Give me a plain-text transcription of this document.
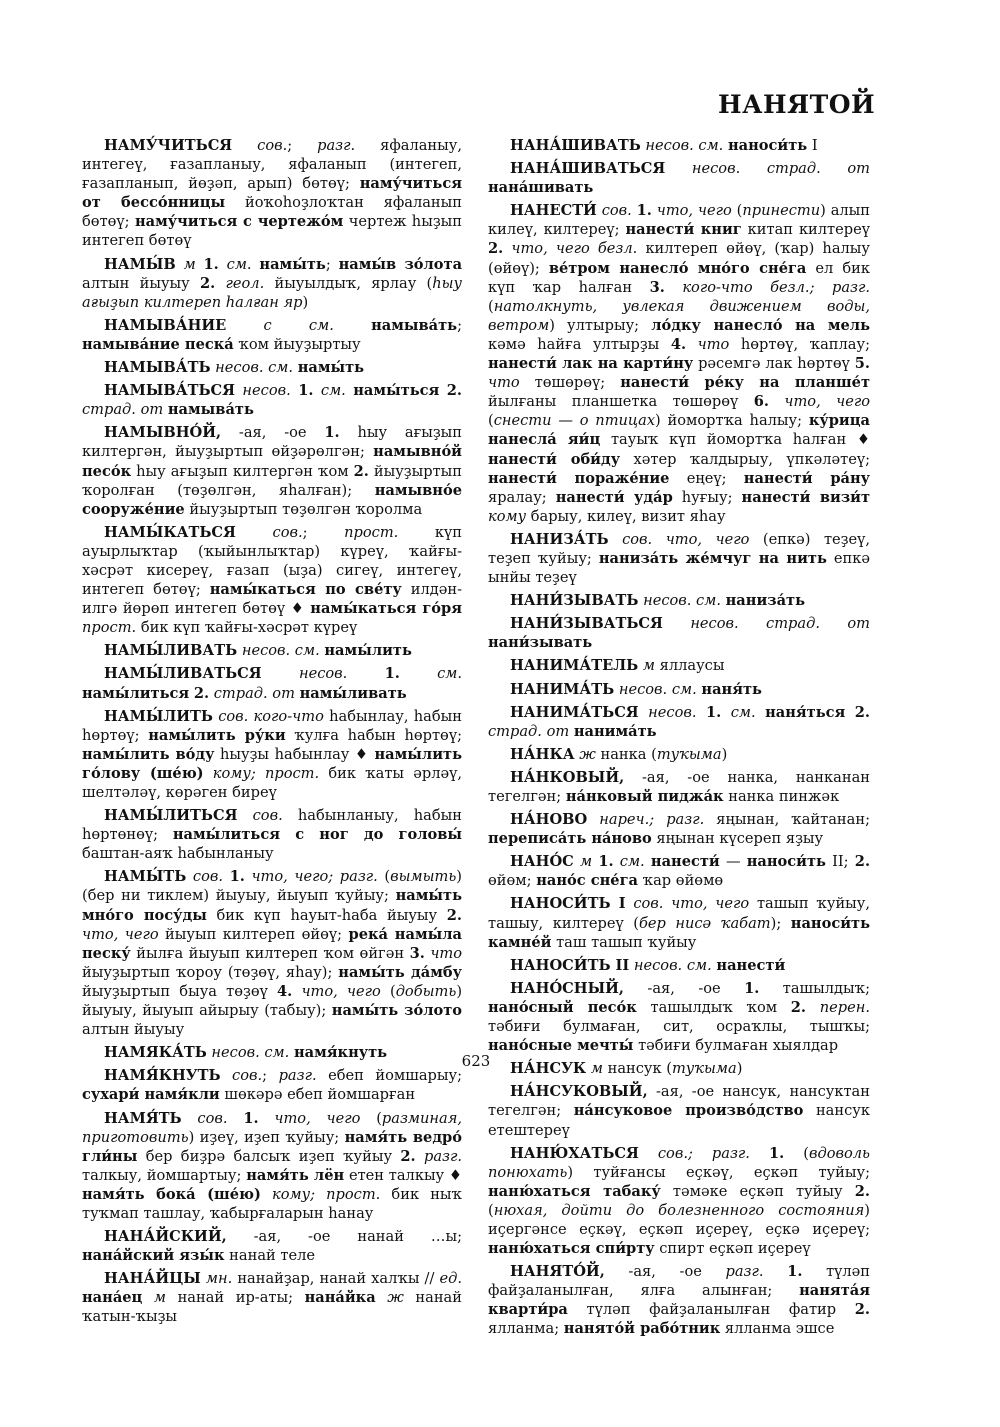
НАНЯТОЙ

НАМУ́ЧИТЬСЯ сов.; разг. яфаланыу, интегеү, ғазапланыу, яфаланып (интегеп, ғазапланып, йөҙәп, арып) бөтөү; наму́читься от бессо́нницы йоҡоһоҙлоҡтан яфаланып бөтөү; наму́читься с чертежо́м чертеж һыҙып интегеп бөтөү

НАМЫ́В м 1. см. намы́ть; намы́в зо́лота алтын йыуыу 2. геол. йыуылдыҡ, ярлау (һыу ағыҙып килтереп һалған яр)

НАМЫВА́НИЕ	с см.	намыва́ть; намыва́ние песка́ ҡом йыуҙыртыу

НАМЫВА́ТЬ несов. см. намы́ть

НАМЫВА́ТЬСЯ несов. 1. см. намы́ться 2. страд. от намыва́ть

НАМЫВНО́Й, -ая, -ое 1. һыу ағыҙып килтергән, йыуҙыртып өйҙәрөлгән; намывно́й песо́к һыу ағыҙып килтергән ҡом 2. йыуҙыртып ҡоролған (төҙөлгән, яһалған); намывно́е сооруже́ние йыуҙыртып төҙөлгән ҡоролма

НАМЫ́КАТЬСЯ	сов.; прост. күп ауырлыҡтар (ҡыйынлыҡтар) күреү, ҡайғы-хәсрәт кисереү, ғазап (ыҙа) сигеү, интегеү, интегеп бөтөү; намы́каться по све́ту илдән-илгә йөрөп интегеп бөтөү ♦ намы́каться го́ря прост. бик күп ҡайғы-хәсрәт күреү

НАМЫ́ЛИВАТЬ несов. см. намы́лить

НАМЫ́ЛИВАТЬСЯ	несов.	1.	см. намы́литься 2. страд. от намы́ливать

НАМЫ́ЛИТЬ сов. кого-что һабынлау, һабын һөртөү; намы́лить ру́ки ҡулға һабын һөртөү; намы́лить во́ду һыуҙы һабынлау ♦ намы́лить го́лову (ше́ю) кому; прост. бик ҡаты әрләү, шелтәләү, көрәген биреү

НАМЫ́ЛИТЬСЯ сов. һабынланыу, һабын һөртөнөү; намы́литься с ног до головы́ баштан-аяҡ һабынланыу

НАМЫ́ТЬ сов. 1. что, чего; разг. (вымыть) (бер ни тиклем) йыуыу, йыуып ҡуйыу; намы́ть мно́го посу́ды бик күп һауыт-һаба йыуыу 2. что, чего йыуып килтереп өйөү; река́ намы́ла песку́ йылға йыуып килтереп ҡом өйгән 3. что йыуҙыртып ҡороу (төҙөү, яһау); намы́ть да́мбу йыуҙыртып быуа төҙөү 4. что, чего (добыть) йыуыу, йыуып айырыу (табыу); намы́ть зо́лото алтын йыуыу

НАМЯКА́ТЬ несов. см. намя́кнуть

НАМЯ́КНУТЬ сов.; разг. ебеп йомшарыу; сухари́ намя́кли шөкәрә ебеп йомшарған

НАМЯ́ТЬ сов. 1. что, чего (разминая, приготовить) иҙеү, иҙеп ҡуйыу; намя́ть ведро́ гли́ны бер биҙрә балсыҡ иҙеп ҡуйыу 2. разг. талкыу, йомшартыу; намя́ть лён етен талкыу ♦ намя́ть бока́ (ше́ю) кому; прост. бик ныҡ туҡмап ташлау, ҡабырғаларын һанау

НАНА́ЙСКИЙ, -ая, -ое нанай …ы; нана́йский язы́к нанай теле

НАНА́ЙЦЫ мн. нанайҙар, нанай халҡы // ед. нана́ец м нанай ир-аты; нана́йка ж нанай ҡатын-ҡыҙы

НАНА́ШИВАТЬ несов. см. наноси́ть I

НАНА́ШИВАТЬСЯ несов. страд. от нана́шивать

НАНЕСТИ́ сов. 1. что, чего (принести) алып килеү, килтереү; нанести́ книг китап килтереү 2. что, чего безл. килтереп өйөү, (ҡар) һалыу (өйөү); ве́тром нанесло́ мно́го сне́га ел бик күп ҡар һалған 3. кого-что безл.; разг. (натолкнуть, увлекая движением воды, ветром) ултырыу; ло́дку нанесло́ на мель кәмә һайға ултырҙы 4. что һөртөү, ҡаплау; нанести́ лак на карти́ну рәсемгә лак һөртөү 5. что төшөрөү; нанести́ ре́ку на планше́т йылғаны планшетка төшөрөү 6. что, чего (снести — о птицах) йомортҡа һалыу; ку́рица нанесла́ яи́ц тауыҡ күп йомортҡа һалған ♦ нанести́ оби́ду хәтер ҡалдырыу, үпкәләтеү; нанести́ пораже́ние еңеү; нанести́ ра́ну яралау; нанести́ уда́р һуғыу; нанести́ визи́т кому барыу, килеү, визит яһау

НАНИЗА́ТЬ сов. что, чего (епкә) теҙеү, теҙеп ҡуйыу; наниза́ть же́мчуг на нить епкә ынйы теҙеү

НАНИ́ЗЫВАТЬ несов. см. наниза́ть

НАНИ́ЗЫВАТЬСЯ несов. страд. от нани́зывать

НАНИМА́ТЕЛЬ м яллаусы

НАНИМА́ТЬ несов. см. наня́ть

НАНИМА́ТЬСЯ несов. 1. см. наня́ться 2. страд. от нанима́ть

НА́НКА ж нанка (туҡыма)

НА́НКОВЫЙ, -ая, -ое нанка, нанканан тегелгән; на́нковый пиджа́к нанка пинжәк

НА́НОВО нареч.; разг. яңынан, ҡайтанан; переписа́ть на́ново яңынан күсереп яҙыу

НАНО́С м 1. см. нанести́ — наноси́ть II; 2. өйөм; нано́с сне́га ҡар өйөмө

НАНОСИ́ТЬ I сов. что, чего ташып ҡуйыу, ташыу, килтереү (бер нисә ҡабат); наноси́ть камне́й таш ташып ҡуйыу

НАНОСИ́ТЬ II несов. см. нанести́

НАНО́СНЫЙ, -ая, -ое 1. ташылдыҡ; нано́сный песо́к ташылдыҡ ҡом 2. перен. тәбиғи булмаған, сит, осраҡлы, тышҡы; нано́сные мечты́ тәбиғи булмаған хыялдар

НА́НСУК м нансук (туҡыма)

НА́НСУКОВЫЙ, -ая, -ое нансук, нансуктан тегелгән; на́нсуковое произво́дство нансук етештереү

НАНЮ́ХАТЬСЯ сов.; разг. 1. (вдоволь понюхать) туйғансы еҫкәү, еҫкәп туйыу; наню́хаться табаку́ тәмәке еҫкәп туйыу 2. (нюхая, дойти до болезненного состояния) иҫергәнсе еҫкәү, еҫкәп иҫереү, еҫкә иҫереү; наню́хаться спи́рту спирт еҫкәп иҫереү

НАНЯТО́Й, -ая, -ое разг. 1. түләп файҙаланылған, ялға алынған; нанята́я кварти́ра түләп файҙаланылған фатир 2. ялланма; нанято́й рабо́тник ялланма эшсе

623
